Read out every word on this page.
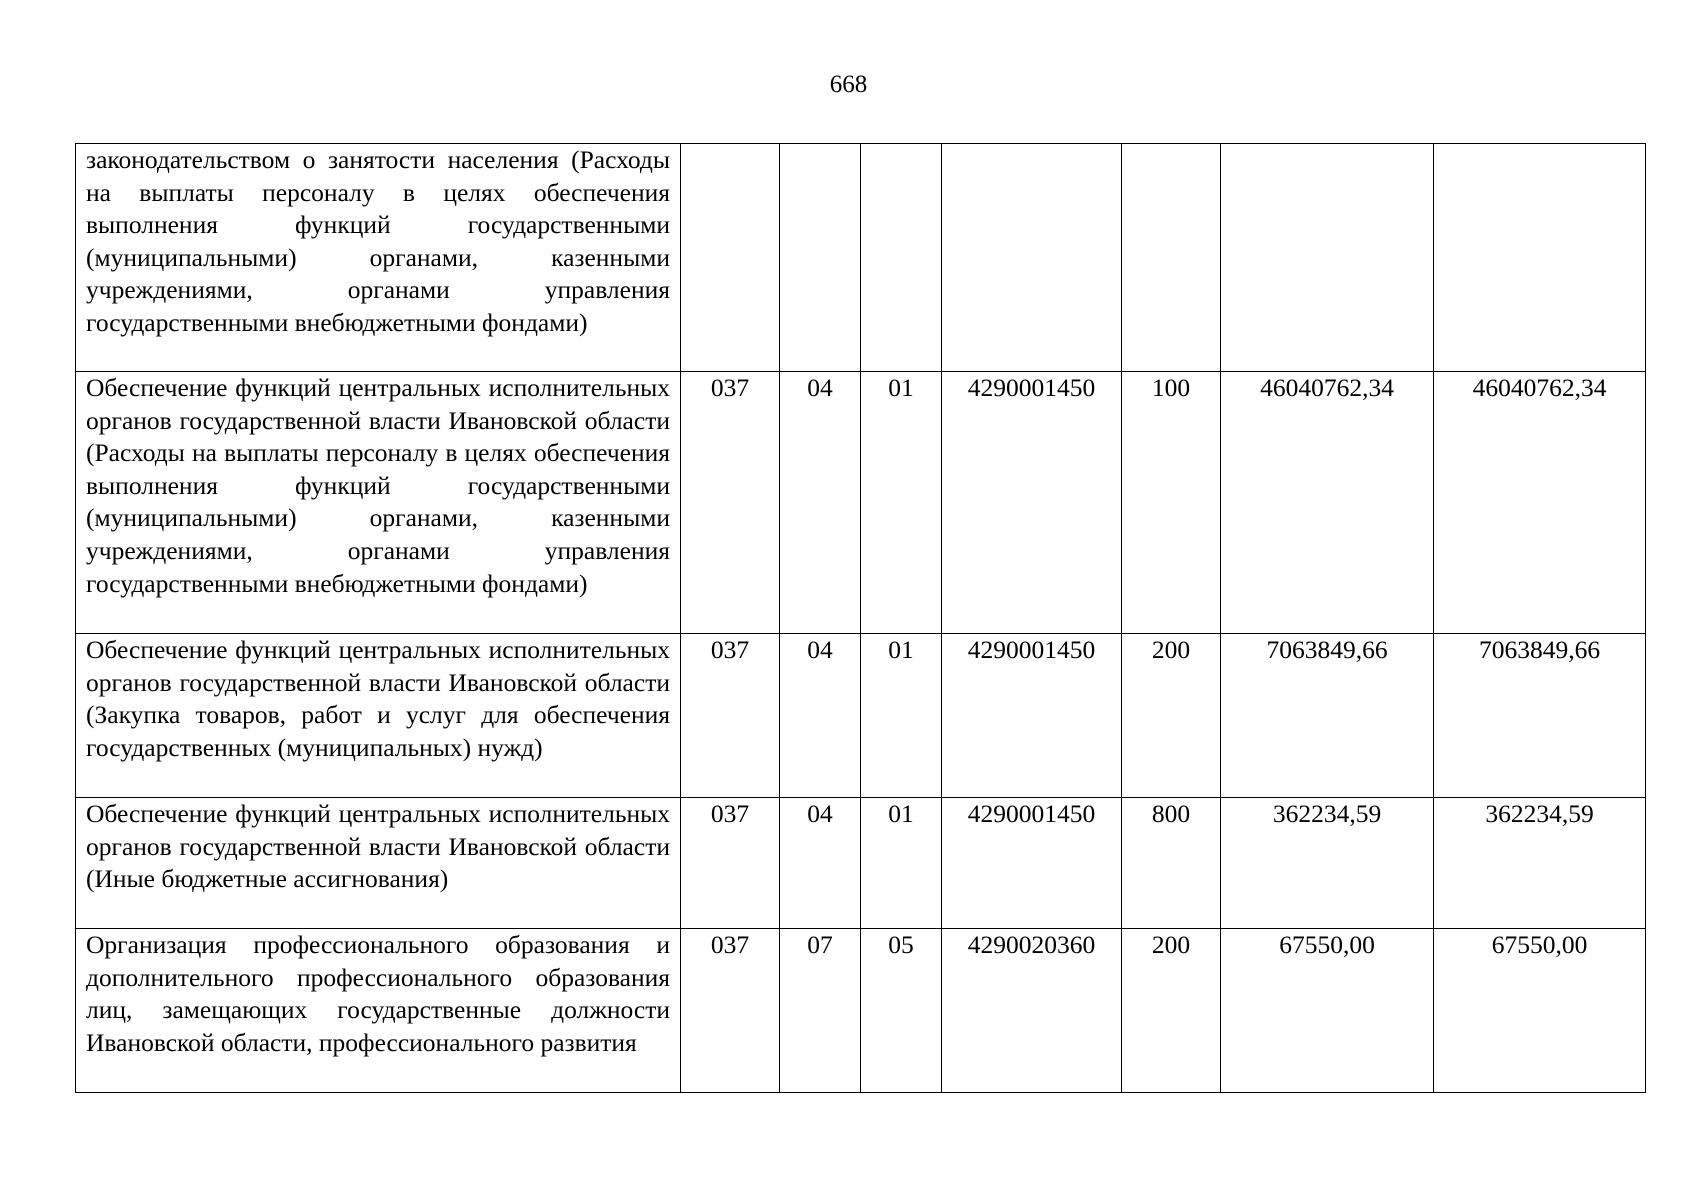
668
законодательством о занятости населения (Расходы на выплаты персоналу в целях обеспечения выполнения функций государственными (муниципальными) органами, казенными учреждениями, органами управления государственными внебюджетными фондами)							
Обеспечение функций центральных исполнительных органов государственной власти Ивановской области (Расходы на выплаты персоналу в целях обеспечения выполнения функций государственными (муниципальными) органами, казенными учреждениями, органами управления государственными внебюджетными фондами)	037	04	01	4290001450	100	46040762,34	46040762,34
Обеспечение функций центральных исполнительных органов государственной власти Ивановской области (Закупка товаров, работ и услуг для обеспечения государственных (муниципальных) нужд)	037	04	01	4290001450	200	7063849,66	7063849,66
Обеспечение функций центральных исполнительных органов государственной власти Ивановской области (Иные бюджетные ассигнования)	037	04	01	4290001450	800	362234,59	362234,59
Организация профессионального образования и дополнительного профессионального образования лиц, замещающих государственные должности Ивановской области, профессионального развития	037	07	05	4290020360	200	67550,00	67550,00
